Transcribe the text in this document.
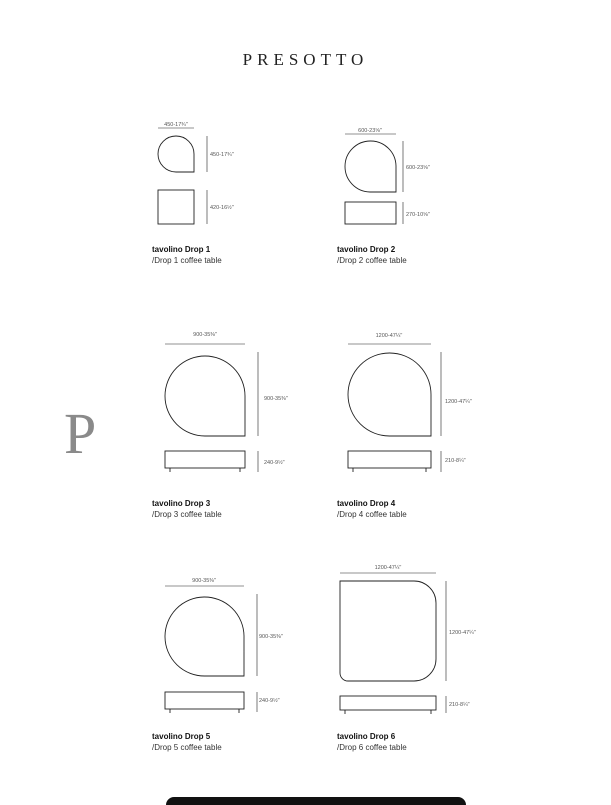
PRESOTTO
P
450-17¾"
450-17¾"
420-16½"
600-23⅝"
600-23⅝"
270-10⅝"
900-35⅜"
900-35⅜"
240-9½"
1200-47¼"
1200-47¼"
210-8¼"
900-35⅜"
900-35⅜"
240-9½"
1200-47¼"
1200-47¼"
210-8¼"
tavolino Drop 1
/Drop 1 coffee table
tavolino Drop 2
/Drop 2 coffee table
tavolino Drop 3
/Drop 3 coffee table
tavolino Drop 4
/Drop 4 coffee table
tavolino Drop 5
/Drop 5 coffee table
tavolino Drop 6
/Drop 6 coffee table
